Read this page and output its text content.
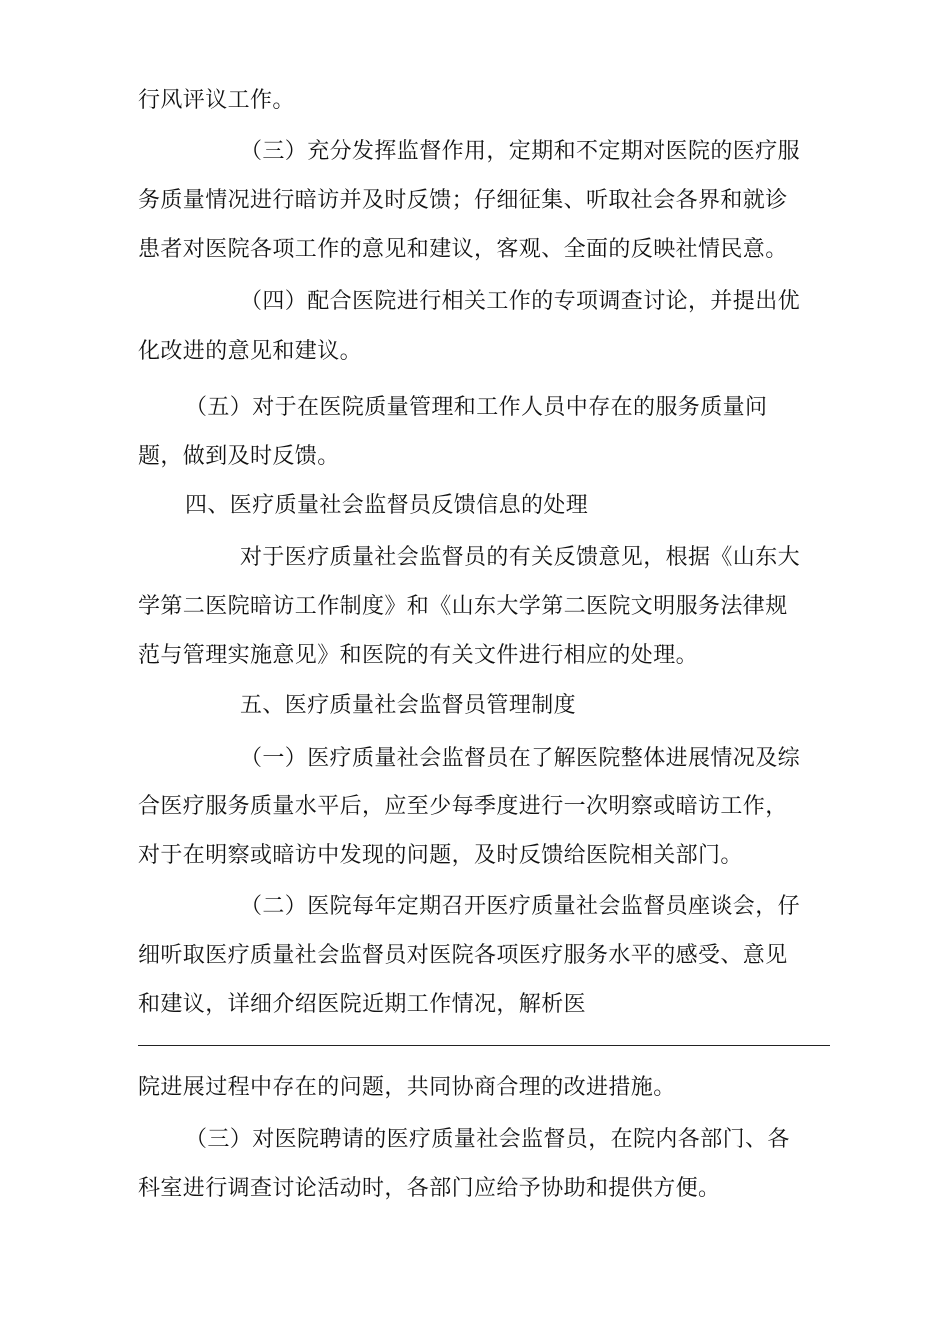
行风评议工作。
（三）充分发挥监督作用，定期和不定期对医院的医疗服
务质量情况进行暗访并及时反馈；仔细征集、听取社会各界和就诊
患者对医院各项工作的意见和建议，客观、全面的反映社情民意。
（四）配合医院进行相关工作的专项调查讨论，并提出优
化改进的意见和建议。
（五）对于在医院质量管理和工作人员中存在的服务质量问
题，做到及时反馈。
四、医疗质量社会监督员反馈信息的处理
对于医疗质量社会监督员的有关反馈意见，根据《山东大
学第二医院暗访工作制度》和《山东大学第二医院文明服务法律规
范与管理实施意见》和医院的有关文件进行相应的处理。
五、医疗质量社会监督员管理制度
（一）医疗质量社会监督员在了解医院整体进展情况及综
合医疗服务质量水平后，应至少每季度进行一次明察或暗访工作，
对于在明察或暗访中发现的问题，及时反馈给医院相关部门。
（二）医院每年定期召开医疗质量社会监督员座谈会，仔
细听取医疗质量社会监督员对医院各项医疗服务水平的感受、意见
和建议，详细介绍医院近期工作情况，解析医
院进展过程中存在的问题，共同协商合理的改进措施。
（三）对医院聘请的医疗质量社会监督员，在院内各部门、各
科室进行调查讨论活动时，各部门应给予协助和提供方便。
